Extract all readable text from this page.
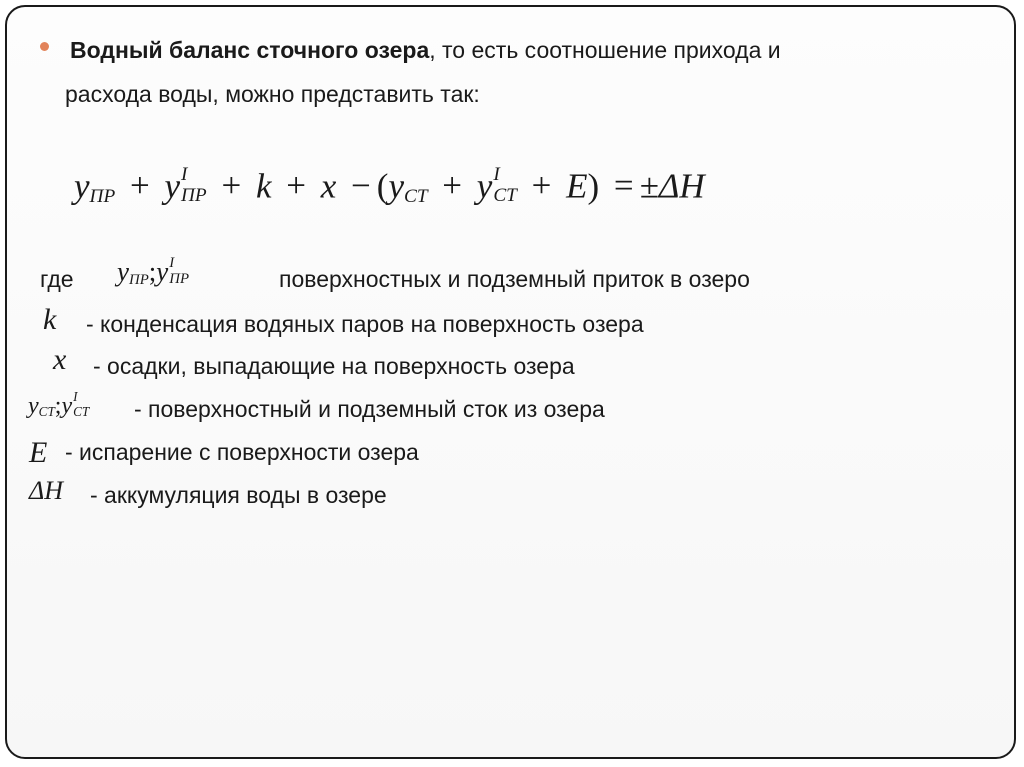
Водный баланс сточного озера, то есть соотношение прихода и
расхода воды, можно представить так:
$y_{ПР} + y$ I
ПР + $k + x - (y_{СТ} + y$ I
СТ + E) = ±ΔH
где $y_{ПР};y$ I
ПР	поверхностных и подземный приток в озеро
k - конденсация водяных паров на поверхность озера
x - осадки, выпадающие на поверхность озера
$y_{СТ};y$ I
СТ - поверхностный и подземный сток из озера
E - испарение с поверхности озера
ΔH - аккумуляция воды в озере
